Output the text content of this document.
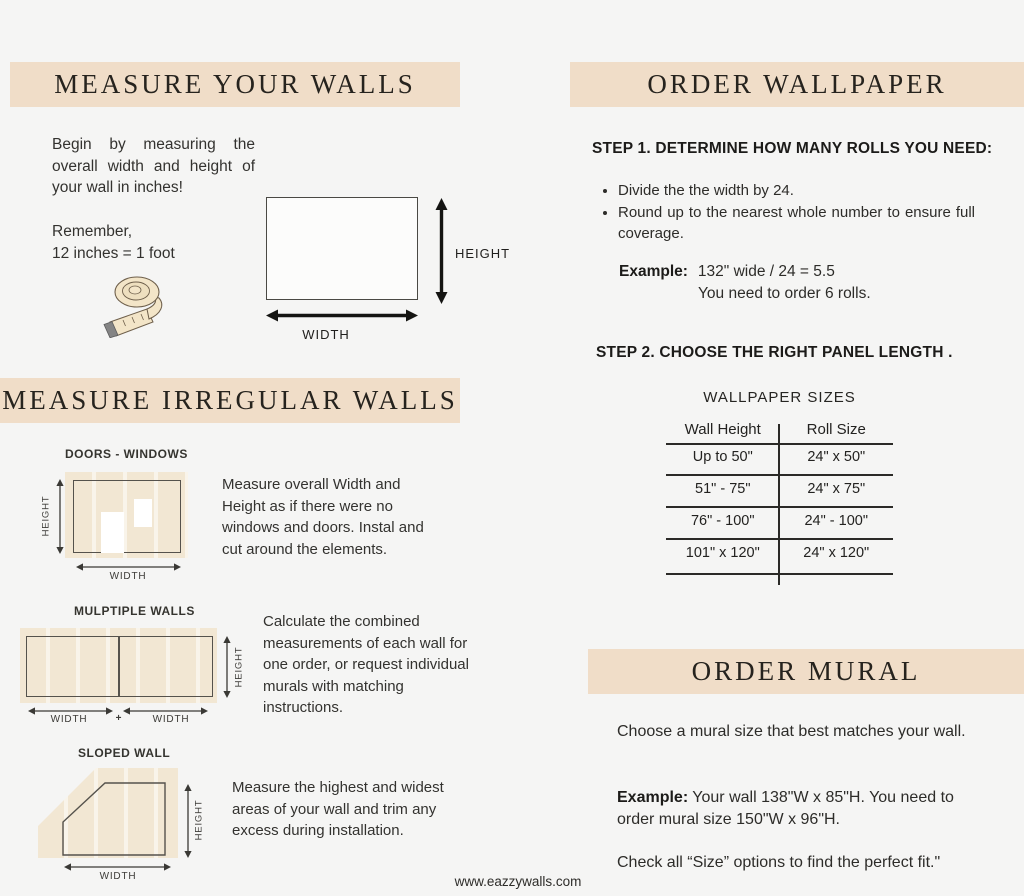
MEASURE YOUR WALLS

Begin by measuring the overall width and height of your wall in inches!

Remember,
12 inches = 1 foot	HEIGHT
WIDTH
MEASURE IRREGULAR WALLS
DOORS - WINDOWS
HEIGHT
WIDTH

Measure overall Width and Height as if there were no windows and doors. Instal and cut around the elements.

MULPTIPLE WALLS
HEIGHT
WIDTH	+	WIDTH

Calculate the combined measurements of each wall for one order, or request individual murals with matching instructions.

SLOPED WALL
HEIGHT
WIDTH

Measure the highest and widest areas of your wall and trim any excess during installation.

ORDER WALLPAPER
STEP 1. DETERMINE HOW MANY ROLLS YOU NEED:
• Divide the the width by 24.
• Round up to the nearest whole number to ensure full coverage.
Example: 132" wide / 24 = 5.5
You need to order 6 rolls.
STEP 2. CHOOSE THE RIGHT PANEL LENGTH .
WALLPAPER SIZES
Wall Height	Roll Size
Up to 50"	24" x 50"
51" - 75"	24" x 75"
76" - 100"	24" - 100"
101" x 120"	24" x 120"
ORDER MURAL

Choose a mural size that best matches your wall.

Example: Your wall 138"W x 85"H. You need to order mural size 150"W x 96"H.

Check all “Size” options to find the perfect fit."

www.eazzywalls.com
